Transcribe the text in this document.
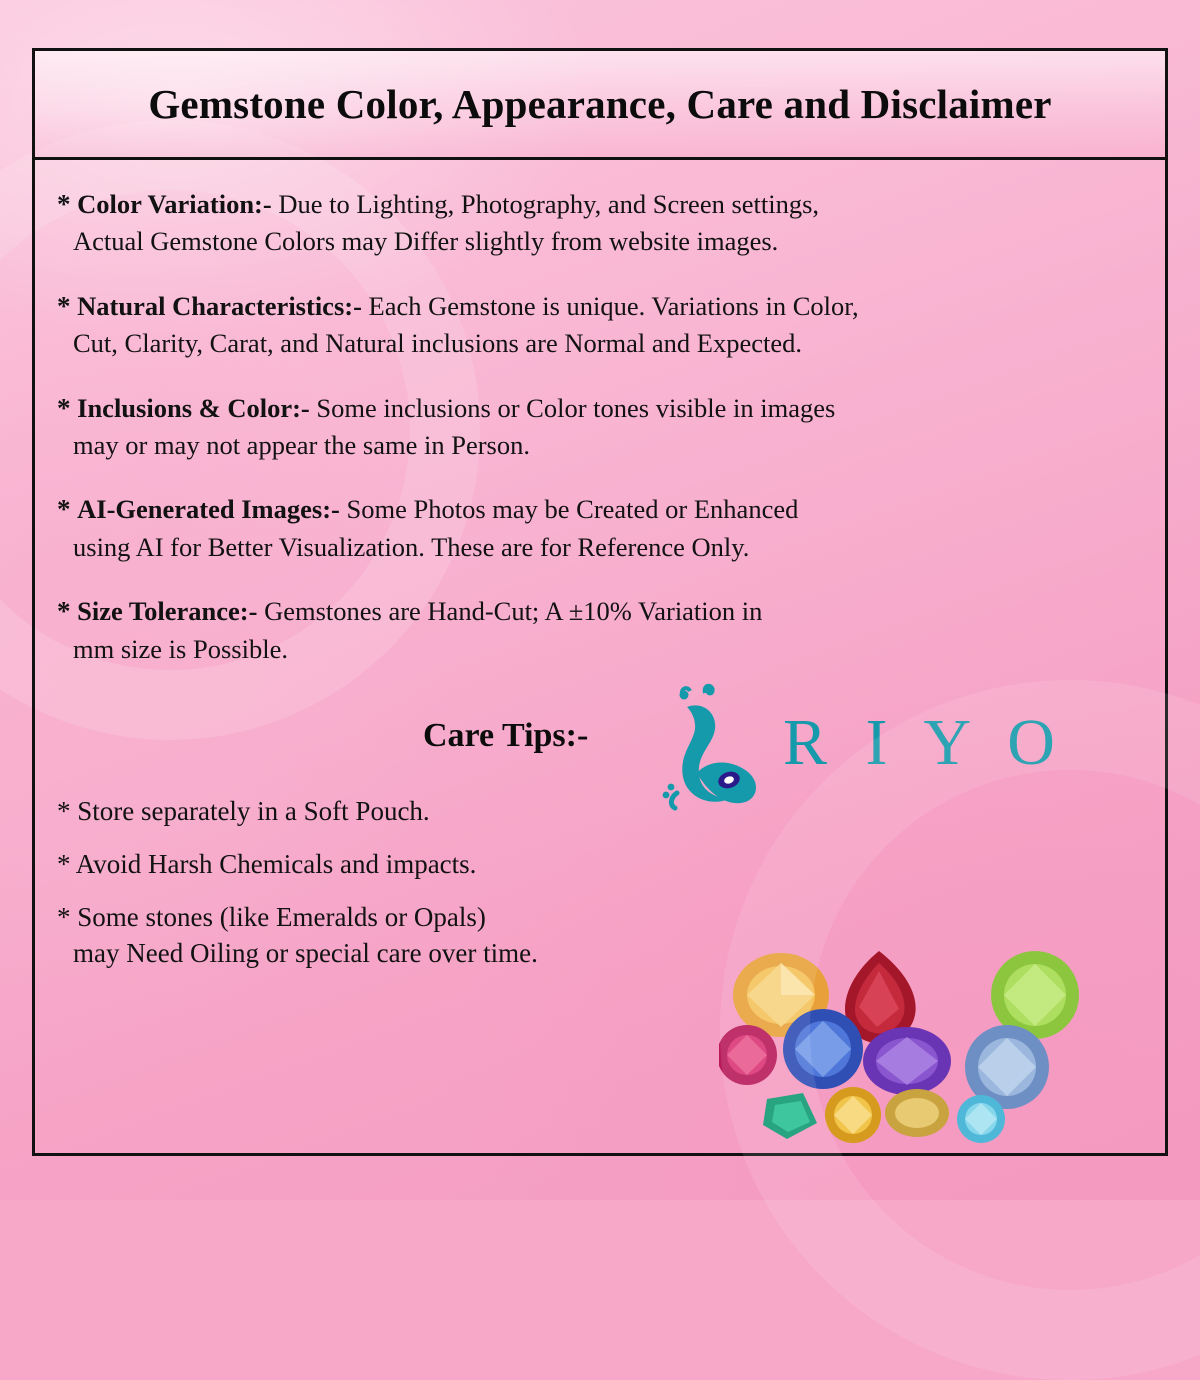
Gemstone Color, Appearance, Care and Disclaimer

* Color Variation:- Due to Lighting, Photography, and Screen settings,

Actual Gemstone Colors may Differ slightly from website images.

* Natural Characteristics:- Each Gemstone is unique. Variations in Color,

Cut, Clarity, Carat, and Natural inclusions are Normal and Expected.

* Inclusions & Color:- Some inclusions or Color tones visible in images

may or may not appear the same in Person.

* AI-Generated Images:- Some Photos may be Created or Enhanced

using AI for Better Visualization. These are for Reference Only.

* Size Tolerance:- Gemstones are Hand-Cut; A ±10% Variation in

mm size is Possible.
Care Tips:-	R I Y O
* Store separately in a Soft Pouch.
* Avoid Harsh Chemicals and impacts.
* Some stones (like Emeralds or Opals)
may Need Oiling or special care over time.
